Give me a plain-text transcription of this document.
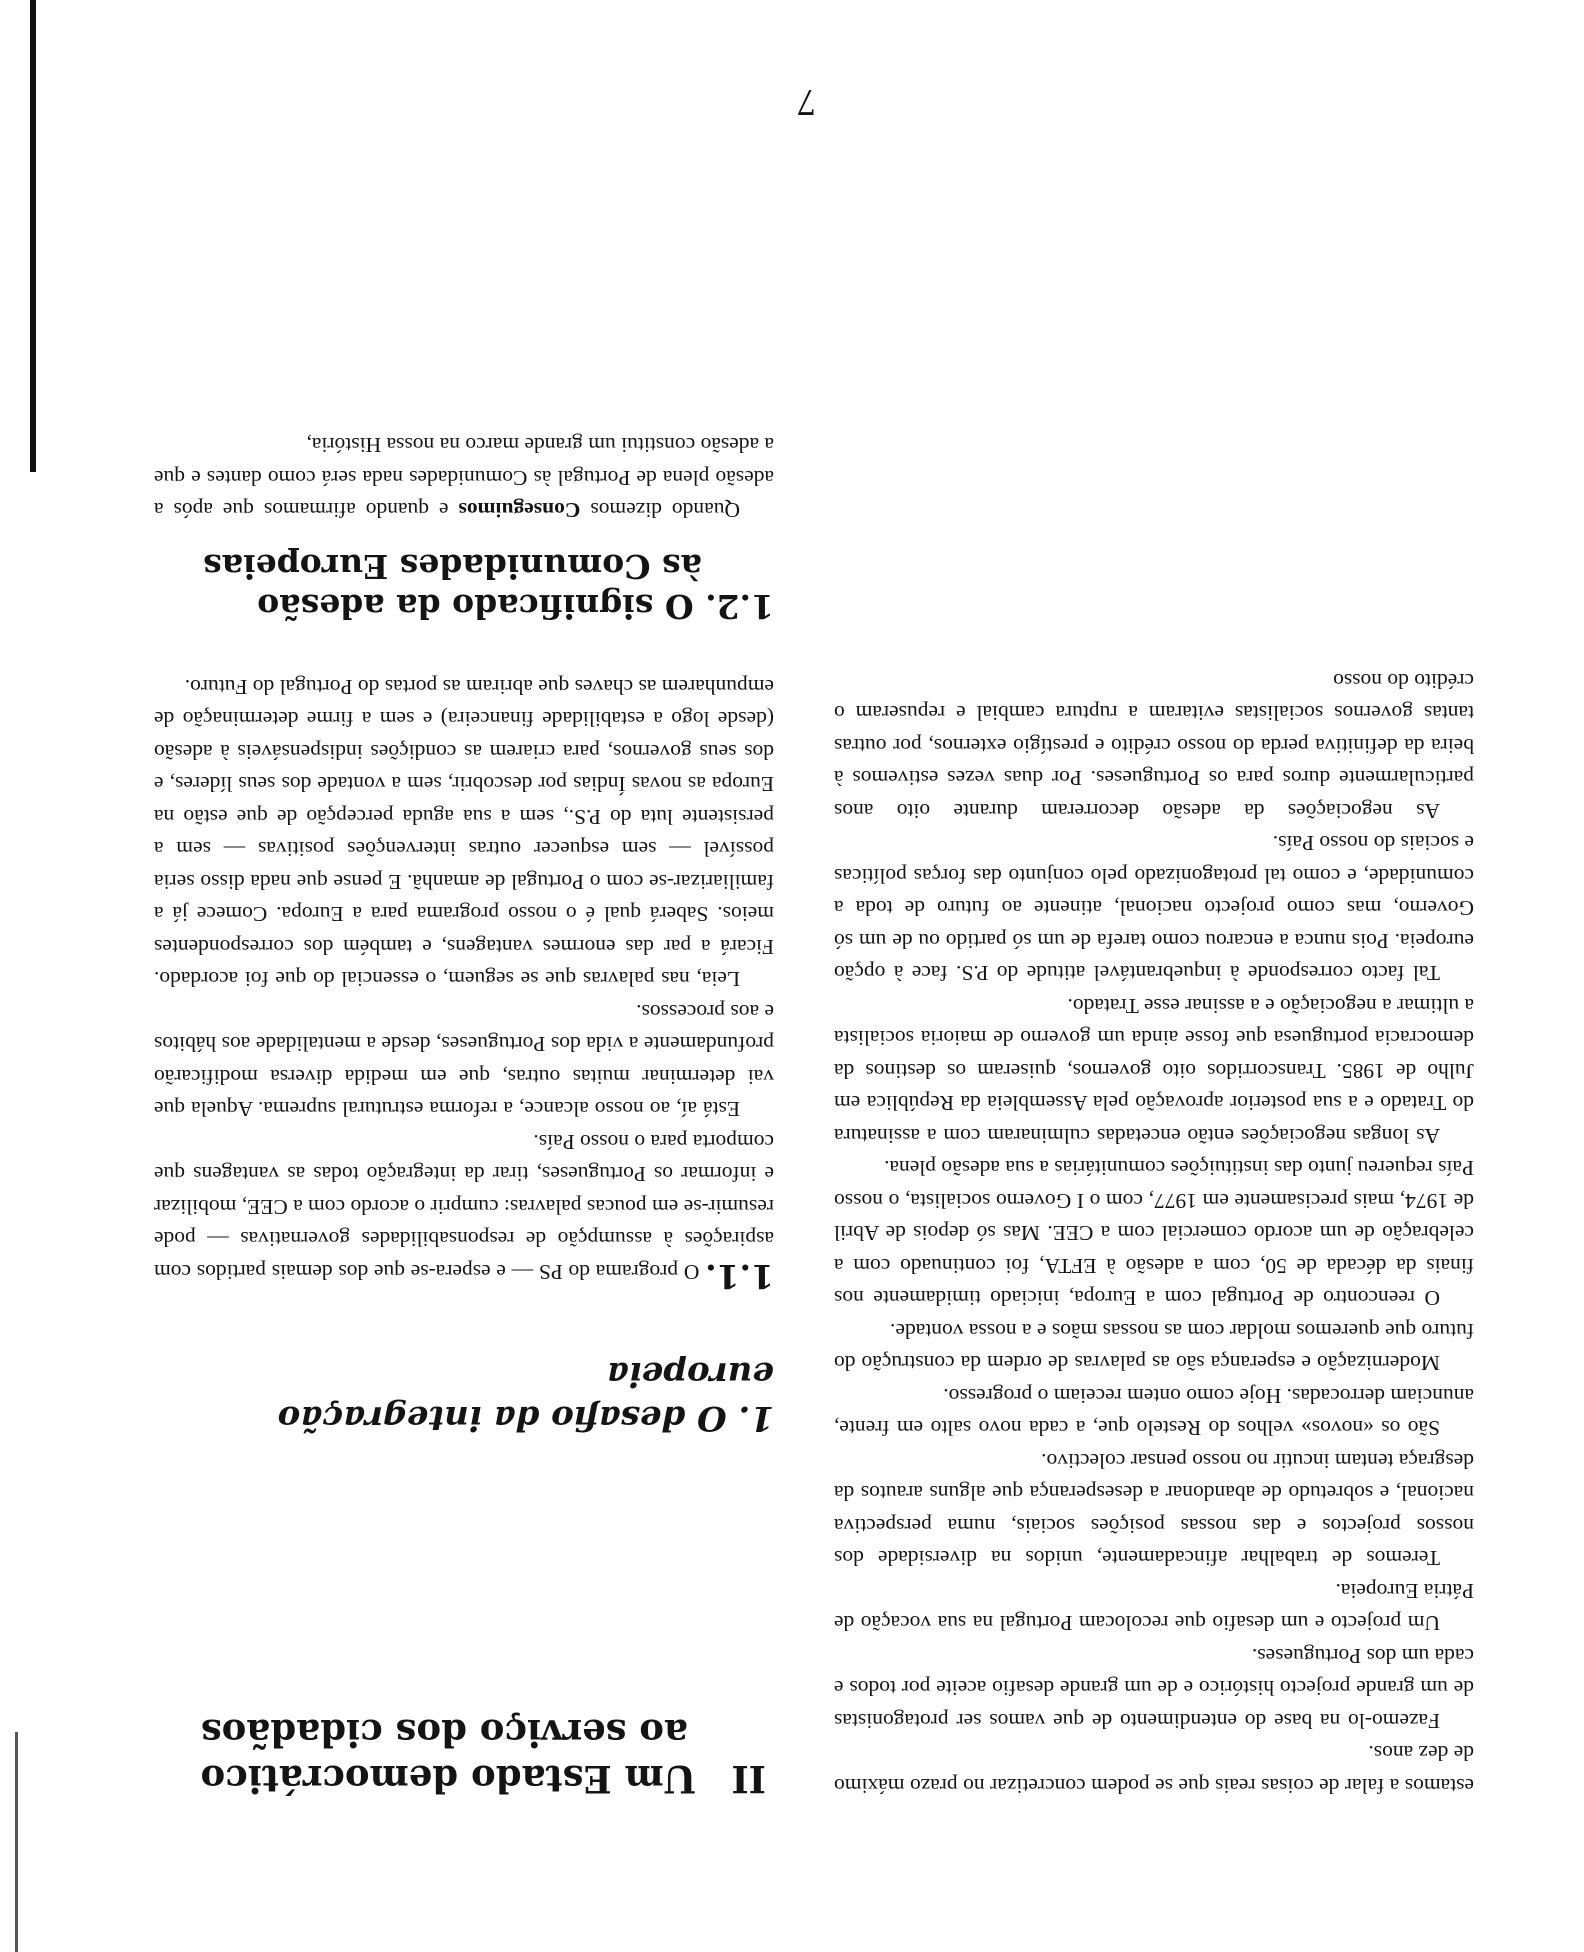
IIUm Estado democrático
ao serviço dos cidadãos
1. O desafio da integração europeia

1.1. O programa do PS — e espera-se que dos demais partidos com aspirações à assumpção de responsabilidades governativas — pode resumir-se em poucas palavras: cumprir o acordo com a CEE, mobilizar e informar os Portugueses, tirar da integração todas as vantagens que comporta para o nosso País.

Está aí, ao nosso alcance, a reforma estrutural suprema. Aquela que vai determinar muitas outras, que em medida diversa modificarão profundamente a vida dos Portugueses, desde a mentalidade aos hábitos e aos processos.

Leia, nas palavras que se seguem, o essencial do que foi acordado. Ficará a par das enormes vantagens, e também dos correspondentes meios. Saberá qual é o nosso programa para a Europa. Comece já a familiarizar-se com o Portugal de amanhã. E pense que nada disso seria possível — sem esquecer outras intervenções positivas — sem a persistente luta do P.S., sem a sua aguda percepção de que estão na Europa as novas Índias por descobrir, sem a vontade dos seus líderes, e dos seus governos, para criarem as condições indispensáveis à adesão (desde logo a estabilidade financeira) e sem a firme determinação de empunharem as chaves que abriram as portas do Portugal do Futuro.

1.2. O significado da adesão
às Comunidades Europeias

Quando dizemos Conseguimos e quando afirmamos que após a adesão plena de Portugal às Comunidades nada será como dantes e que a adesão constitui um grande marco na nossa História,

estamos a falar de coisas reais que se podem concretizar no prazo máximo de dez anos.

Fazemo-lo na base do entendimento de que vamos ser protagonistas de um grande projecto histórico e de um grande desafio aceite por todos e cada um dos Portugueses.

Um projecto e um desafio que recolocam Portugal na sua vocação de Pátria Europeia.

Teremos de trabalhar afincadamente, unidos na diversidade dos nossos projectos e das nossas posições sociais, numa perspectiva nacional, e sobretudo de abandonar a desesperança que alguns arautos da desgraça tentam incutir no nosso pensar colectivo.

São os «novos» velhos do Restelo que, a cada novo salto em frente, anunciam derrocadas. Hoje como ontem receiam o progresso.

Modernização e esperança são as palavras de ordem da construção do futuro que queremos moldar com as nossas mãos e a nossa vontade.

O reencontro de Portugal com a Europa, iniciado timidamente nos finais da década de 50, com a adesão à EFTA, foi continuado com a celebração de um acordo comercial com a CEE. Mas só depois de Abril de 1974, mais precisamente em 1977, com o I Governo socialista, o nosso País requereu junto das instituições comunitárias a sua adesão plena.

As longas negociações então encetadas culminaram com a assinatura do Tratado e a sua posterior aprovação pela Assembleia da República em Julho de 1985. Transcorridos oito governos, quiseram os destinos da democracia portuguesa que fosse ainda um governo de maioria socialista a ultimar a negociação e a assinar esse Tratado.

Tal facto corresponde à inquebrantável atitude do P.S. face à opção europeia. Pois nunca a encarou como tarefa de um só partido ou de um só Governo, mas como projecto nacional, atinente ao futuro de toda a comunidade, e como tal protagonizado pelo conjunto das forças políticas e sociais do nosso País.

As negociações da adesão decorreram durante oito anos particularmente duros para os Portugueses. Por duas vezes estivemos à beira da definitiva perda do nosso crédito e prestígio externos, por outras tantas governos socialistas evitaram a ruptura cambial e repuseram o crédito do nosso

7
